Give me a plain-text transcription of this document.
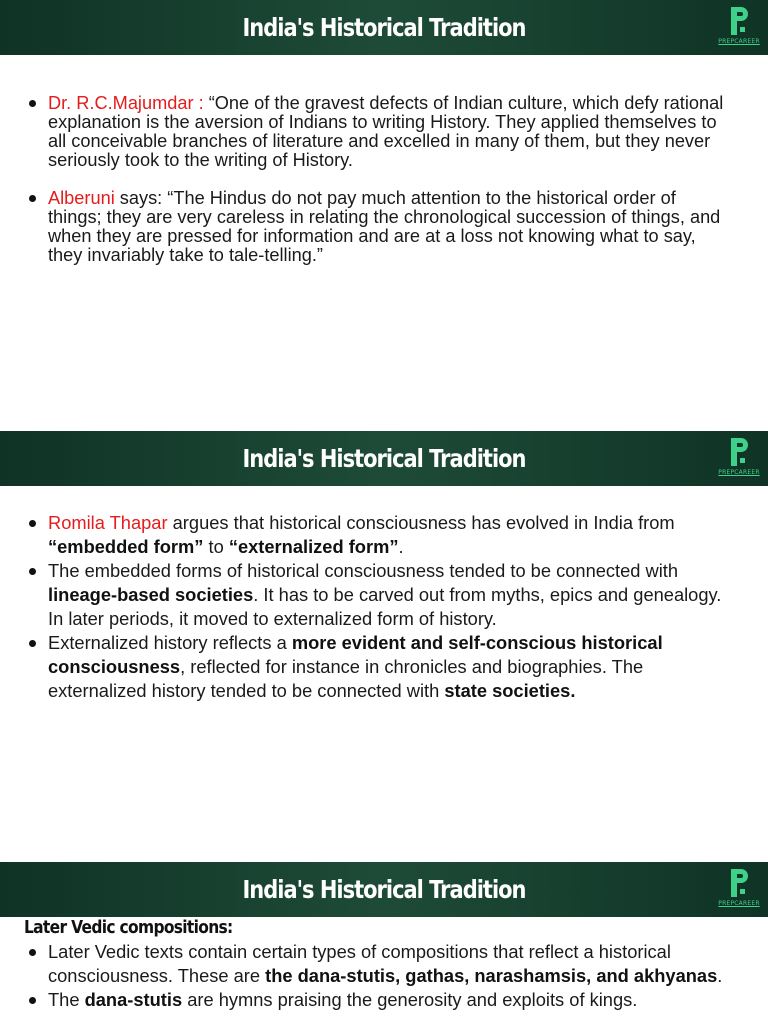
India's Historical Tradition	PREPCAREER
Dr. R.C.Majumdar : “One of the gravest defects of Indian culture, which defy rational explanation is the aversion of Indians to writing History. They applied themselves to all conceivable branches of literature and excelled in many of them, but they never seriously took to the writing of History.
Alberuni says: “The Hindus do not pay much attention to the historical order of things; they are very careless in relating the chronological succession of things, and when they are pressed for information and are at a loss not knowing what to say, they invariably take to tale-telling.”
India's Historical Tradition	PREPCAREER
Romila Thapar argues that historical consciousness has evolved in India from “embedded form” to “externalized form”.
The embedded forms of historical consciousness tended to be connected with lineage-based societies. It has to be carved out from myths, epics and genealogy. In later periods, it moved to externalized form of history.
Externalized history reflects a more evident and self-conscious historical consciousness, reflected for instance in chronicles and biographies. The externalized history tended to be connected with state societies.
India's Historical Tradition	PREPCAREER
Later Vedic compositions:
Later Vedic texts contain certain types of compositions that reflect a historical consciousness. These are the dana-stutis, gathas, narashamsis, and akhyanas.
The dana-stutis are hymns praising the generosity and exploits of kings.
